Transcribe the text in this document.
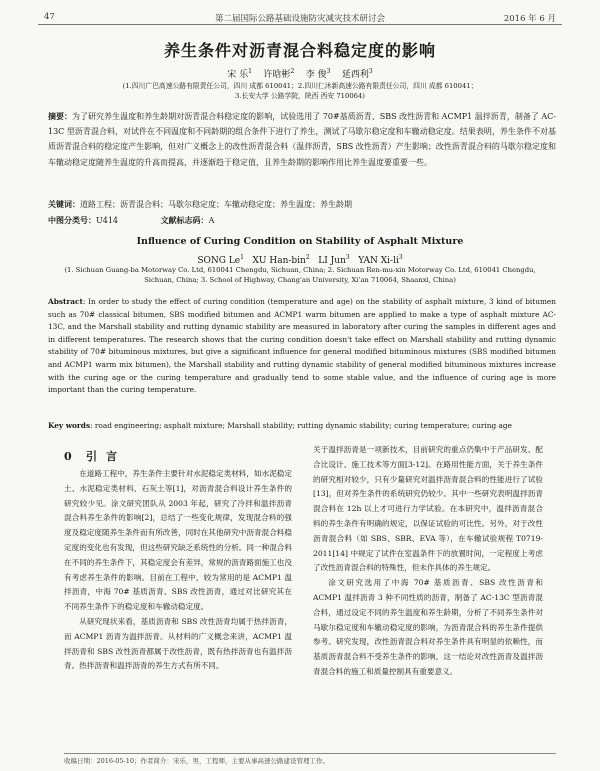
47	第二届国际公路基础设施防灾减灾技术研讨会	2016 年 6 月
养生条件对沥青混合料稳定度的影响
宋 乐$^1$ 许晗彬$^2$ 李 俊$^3$ 延西利$^3$
(1.四川广巴高速公路有限责任公司，四川 成都 610041；2.四川仁沐新高速公路有限责任公司，四川 成都 610041；
3.长安大学 公路学院，陕西 西安 710064)
摘要：为了研究养生温度和养生龄期对沥青混合料稳定度的影响，试验选用了 70#基质沥青、SBS 改性沥青和 ACMP1 温拌沥青，制备了 AC-13C 型沥青混合料，对试件在不同温度和不同龄期的组合条件下进行了养生，测试了马歇尔稳定度和车辙动稳定度。结果表明，养生条件不对基质沥青混合料的稳定度产生影响，但对广义概念上的改性沥青混合料（温拌沥青，SBS 改性沥青）产生影响；改性沥青混合料的马歇尔稳定度和车辙动稳定度随养生温度的升高而提高，并逐渐趋于稳定值，且养生龄期的影响作用比养生温度要重要一些。
关键词：道路工程；沥青混合料；马歇尔稳定度；车辙动稳定度；养生温度；养生龄期
中图分类号：U414	文献标志码：A
Influence of Curing Condition on Stability of Asphalt Mixture
SONG Le$^1$ XU Han-bin$^2$ LI Jun$^3$ YAN $Xi-li^3$
(1. Sichuan Guang-ba Motorway Co. Ltd, 610041 Chengdu, Sichuan, China; 2. Sichuan Ren-mu-xin Motorway Co. Ltd, 610041 Chengdu,
Sichuan, China; 3. School of Highway, Chang'an University, Xi'an 710064, Shaanxi, China)
Abstract: In order to study the effect of curing condition (temperature and age) on the stability of asphalt mixture, 3 kind of bitumen such as 70# classical bitumen, SBS modified bitumen and ACMP1 warm bitumen are applied to make a type of asphalt mixture AC-13C, and the Marshall stability and rutting dynamic stability are measured in laboratory after curing the samples in different ages and in different temperatures. The research shows that the curing condition doesn't take effect on Marshall stability and rutting dynamic stability of 70# bituminous mixtures, but give a significant influence for general modified bituminous mixtures (SBS modified bitumen and ACMP1 warm mix bitumen), the Marshall stability and rutting dynamic stability of general modified bituminous mixtures increase with the curing age or the curing temperature and gradually tend to some stable value, and the influence of curing age is more important than the curing temperature.
Key words: road engineering; asphalt mixture; Marshall stability; rutting dynamic stability; curing temperature; curing age
0 引言

在道路工程中，养生条件主要针对水泥稳定类材料，如水泥稳定土、水泥稳定类材料、石灰土等[1]，对沥青混合料设计养生条件的研究较少见。涂文研究团队从 2003 年起，研究了冷拌和温拌沥青混合料养生条件的影响[2]，总结了一些变化规律，发现混合料的强度及稳定度随养生条件而有所改善，同时在其他研究中沥青混合料稳定度的变化也有发现，但这些研究缺乏系统性的分析。同一种混合料在不同的养生条件下，其稳定度会有差异，常规的沥青路面施工也没有考虑养生条件的影响。目前在工程中，较为常用的是 ACMP1 温拌沥青，中海 70# 基质沥青、SBS 改性沥青，通过对比研究其在不同养生条件下的稳定度和车辙动稳定度。

从研究现状来看，基质沥青和 SBS 改性沥青均属于热拌沥青，而 ACMP1 沥青为温拌沥青。从材料的广义概念来讲，ACMP1 温拌沥青和 SBS 改性沥青都属于改性沥青，既有热拌沥青也有温拌沥青。热拌沥青和温拌沥青的养生方式有所不同。

关于温拌沥青是一项新技术，目前研究的重点仍集中于产品研发、配合比设计、施工技术等方面[3-12]。在路用性能方面，关于养生条件的研究相对较少，只有少量研究对温拌沥青混合料的性能进行了试验[13]，但对养生条件的系统研究仍较少。其中一些研究表明温拌沥青混合料在 12h 以上才可进行力学试验。在本研究中，温拌沥青混合料的养生条件有明确的规定，以保证试验的可比性。另外，对于改性沥青混合料（如 SBS、SBR、EVA 等），在车辙试验规程 T0719-2011[14] 中规定了试件在室温条件下的放置时间，一定程度上考虑了改性沥青混合料的特殊性，但未作具体的养生规定。

涂文研究选用了中海 70# 基质沥青、SBS 改性沥青和 ACMP1 温拌沥青 3 种不同性质的沥青，制备了 AC-13C 型沥青混合料，通过设定不同的养生温度和养生龄期，分析了不同养生条件对马歇尔稳定度和车辙动稳定度的影响，为沥青混合料的养生条件提供参考。研究发现，改性沥青混合料对养生条件具有明显的依赖性，而基质沥青混合料不受养生条件的影响，这一结论对改性沥青及温拌沥青混合料的施工和质量控制具有重要意义。

收稿日期：2016-05-10；作者简介：宋乐，男，工程师，主要从事高速公路建设管理工作。
